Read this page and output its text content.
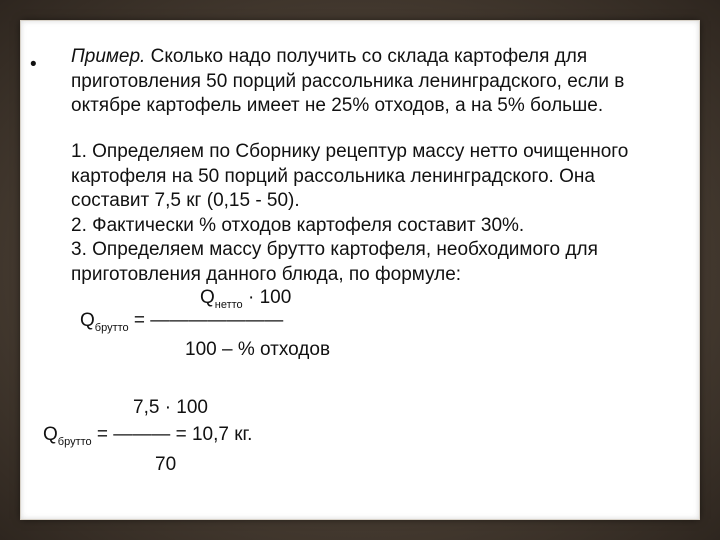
• Пример. Сколько надо получить со склада картофеля для
приготовления 50 порций рассольника ленинградского, если в
октябре картофель имеет не 25% отходов, а на 5% больше.
1. Определяем по Сборнику рецептур массу нетто очищенного
картофеля на 50 порций рассольника ленинградского. Она
составит 7,5 кг (0,15 - 50).
2. Фактически % отходов картофеля составит 30%.
3. Определяем массу брутто картофеля, необходимого для
приготовления данного блюда, по формуле:
$Q_{нетто} \cdot 100$
$Q_{брутто}$ = ———————
100 – % отходов
7,5 · 100
$Q_{брутто}$ = ——— = 10,7 кг.
70
